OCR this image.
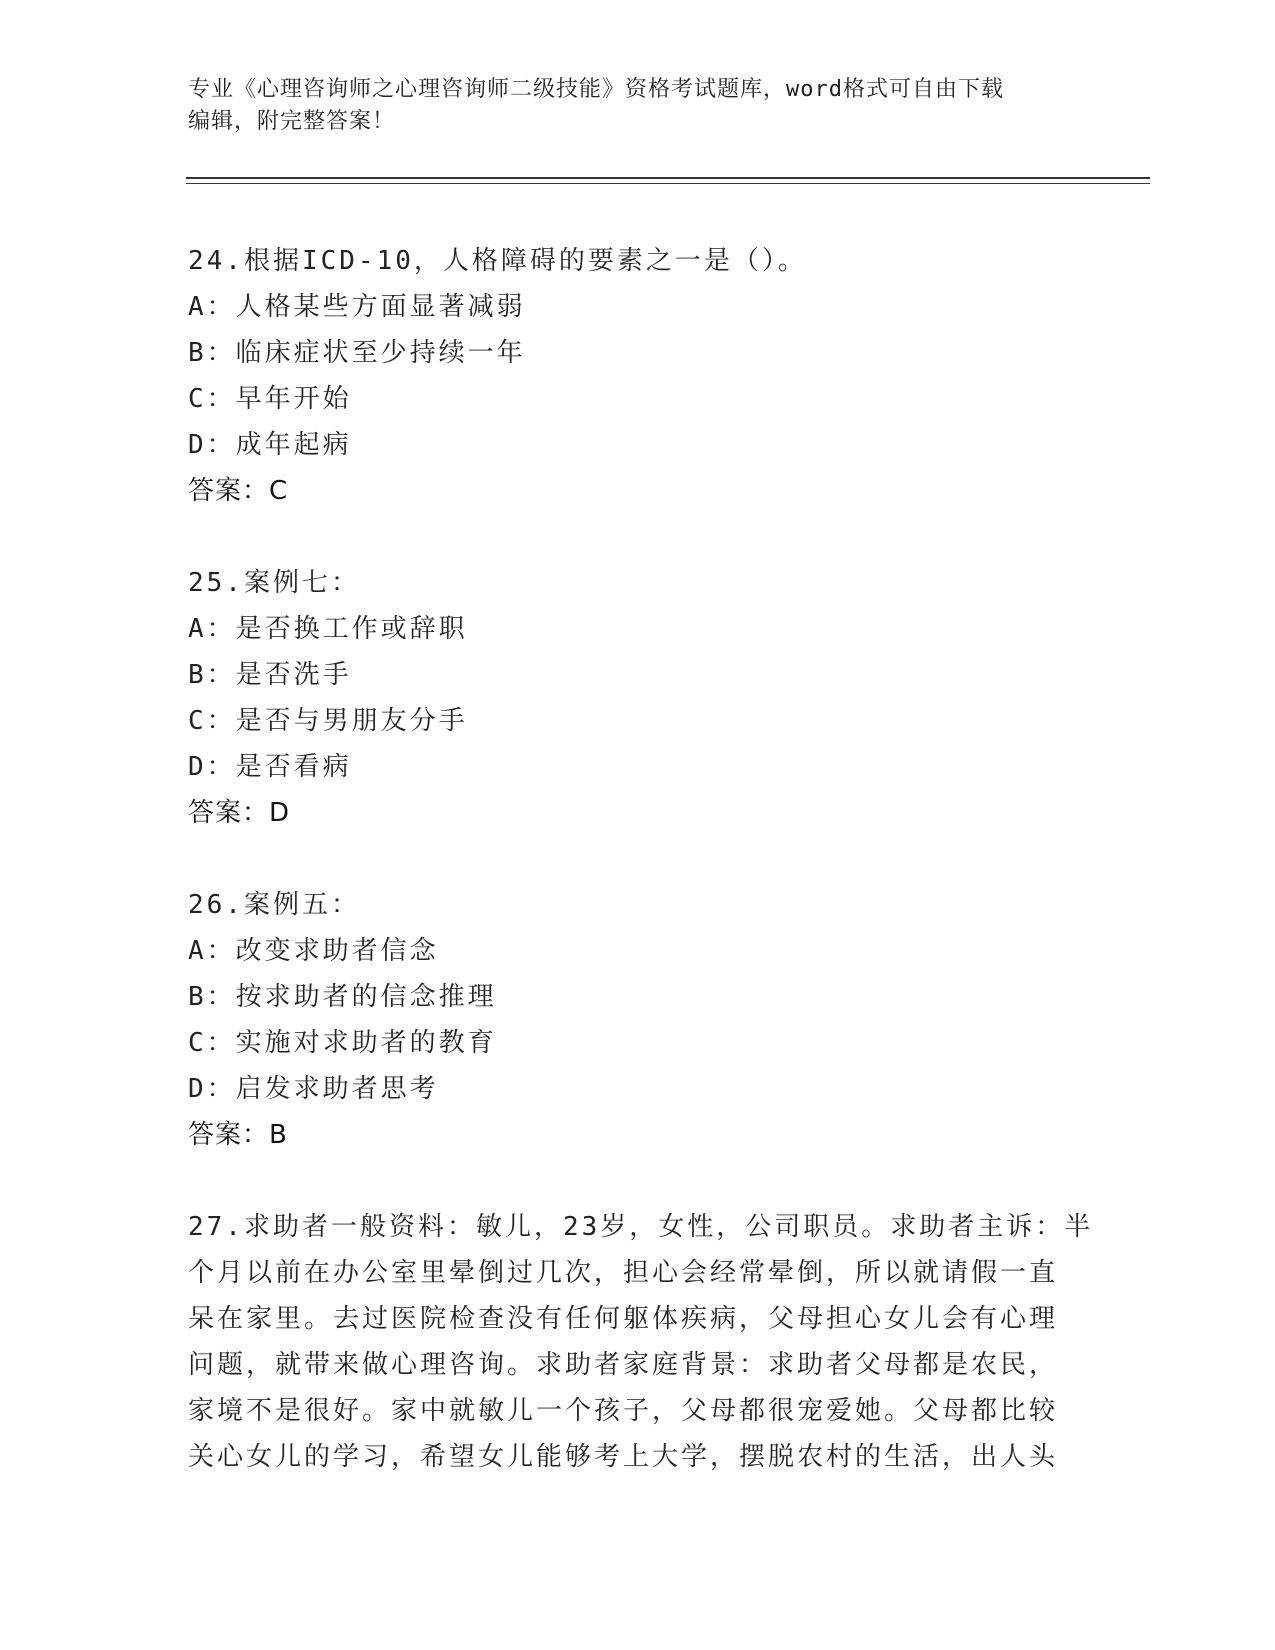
专业《心理咨询师之心理咨询师二级技能》资格考试题库，word格式可自由下载
编辑，附完整答案！
24.根据ICD-10，人格障碍的要素之一是（）。
A：人格某些方面显著减弱
B：临床症状至少持续一年
C：早年开始
D：成年起病
答案：C
25.案例七：
A：是否换工作或辞职
B：是否洗手
C：是否与男朋友分手
D：是否看病
答案：D
26.案例五：
A：改变求助者信念
B：按求助者的信念推理
C：实施对求助者的教育
D：启发求助者思考
答案：B
27.求助者一般资料：敏儿，23岁，女性，公司职员。求助者主诉：半
个月以前在办公室里晕倒过几次，担心会经常晕倒，所以就请假一直
呆在家里。去过医院检查没有任何躯体疾病，父母担心女儿会有心理
问题，就带来做心理咨询。求助者家庭背景：求助者父母都是农民，
家境不是很好。家中就敏儿一个孩子，父母都很宠爱她。父母都比较
关心女儿的学习，希望女儿能够考上大学，摆脱农村的生活，出人头
